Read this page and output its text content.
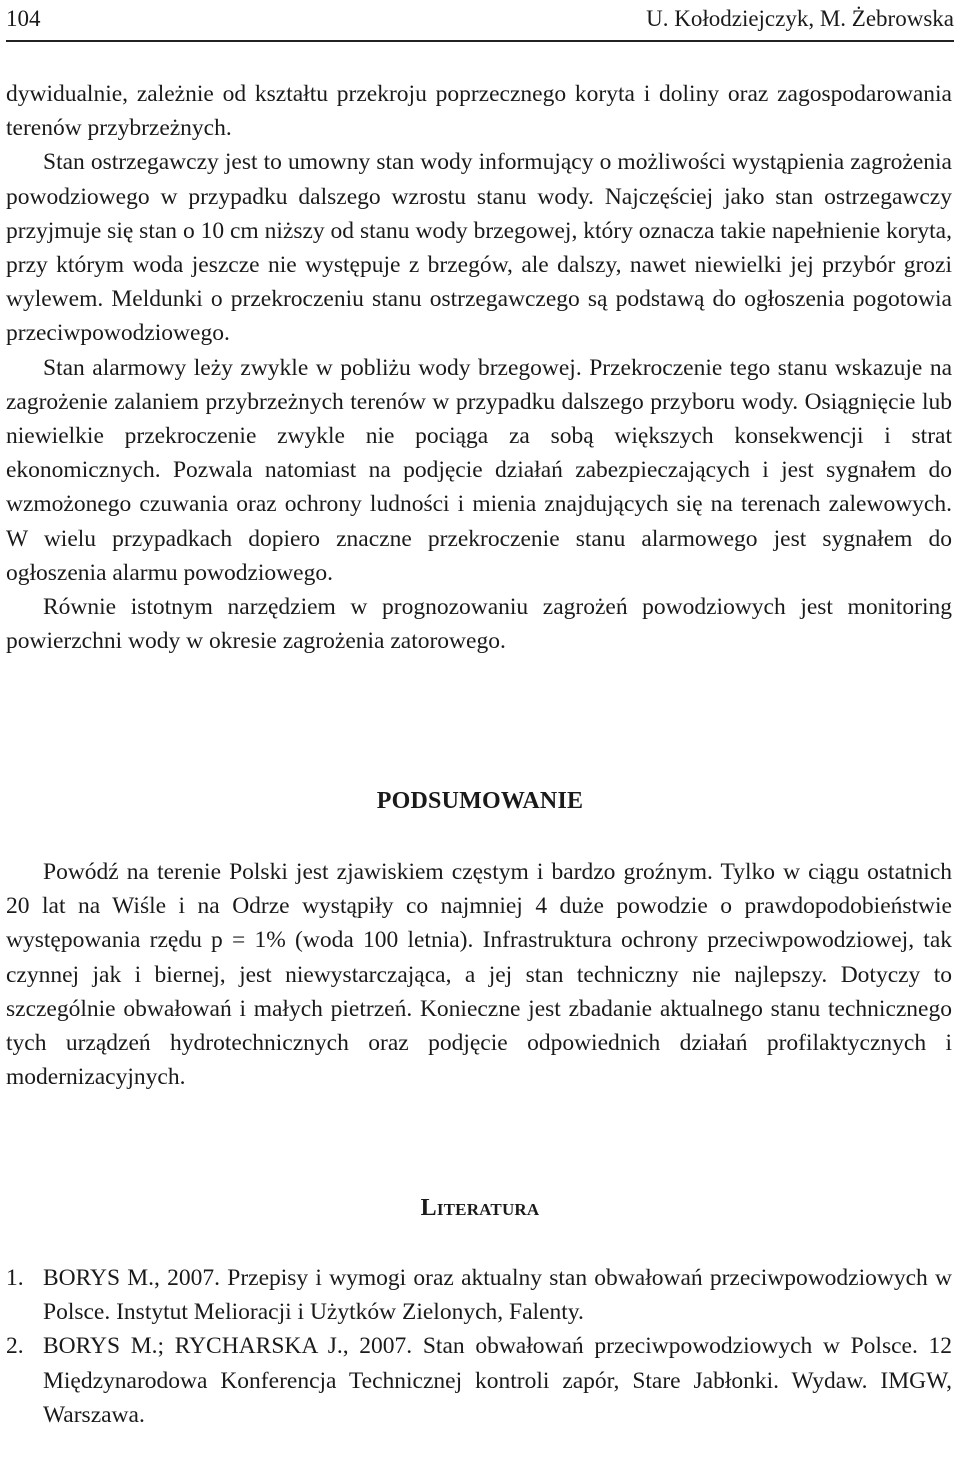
104	U. Kołodziejczyk, M. Żebrowska

dywidualnie, zależnie od kształtu przekroju poprzecznego koryta i doliny oraz zagospodarowania terenów przybrzeżnych.

Stan ostrzegawczy jest to umowny stan wody informujący o możliwości wystąpienia zagrożenia powodziowego w przypadku dalszego wzrostu stanu wody. Najczęściej jako stan ostrzegawczy przyjmuje się stan o 10 cm niższy od stanu wody brzegowej, który oznacza takie napełnienie koryta, przy którym woda jeszcze nie występuje z brzegów, ale dalszy, nawet niewielki jej przybór grozi wylewem. Meldunki o przekroczeniu stanu ostrzegawczego są podstawą do ogłoszenia pogotowia przeciwpowodziowego.

Stan alarmowy leży zwykle w pobliżu wody brzegowej. Przekroczenie tego stanu wskazuje na zagrożenie zalaniem przybrzeżnych terenów w przypadku dalszego przyboru wody. Osiągnięcie lub niewielkie przekroczenie zwykle nie pociąga za sobą większych konsekwencji i strat ekonomicznych. Pozwala natomiast na podjęcie działań zabezpieczających i jest sygnałem do wzmożonego czuwania oraz ochrony ludności i mienia znajdujących się na terenach zalewowych. W wielu przypadkach dopiero znaczne przekroczenie stanu alarmowego jest sygnałem do ogłoszenia alarmu powodziowego.

Równie istotnym narzędziem w prognozowaniu zagrożeń powodziowych jest monitoring powierzchni wody w okresie zagrożenia zatorowego.

PODSUMOWANIE

Powódź na terenie Polski jest zjawiskiem częstym i bardzo groźnym. Tylko w ciągu ostatnich 20 lat na Wiśle i na Odrze wystąpiły co najmniej 4 duże powodzie o prawdopodobieństwie występowania rzędu p = 1% (woda 100 letnia). Infrastruktura ochrony przeciwpowodziowej, tak czynnej jak i biernej, jest niewystarczająca, a jej stan techniczny nie najlepszy. Dotyczy to szczególnie obwałowań i małych pietrzeń. Konieczne jest zbadanie aktualnego stanu technicznego tych urządzeń hydrotechnicznych oraz podjęcie odpowiednich działań profilaktycznych i modernizacyjnych.

Literatura
1. BORYS M., 2007. Przepisy i wymogi oraz aktualny stan obwałowań przeciwpowodziowych w Polsce. Instytut Melioracji i Użytków Zielonych, Falenty.
2. BORYS M.; RYCHARSKA J., 2007. Stan obwałowań przeciwpowodziowych w Polsce. 12 Międzynarodowa Konferencja Technicznej kontroli zapór, Stare Jabłonki. Wydaw. IMGW, Warszawa.
